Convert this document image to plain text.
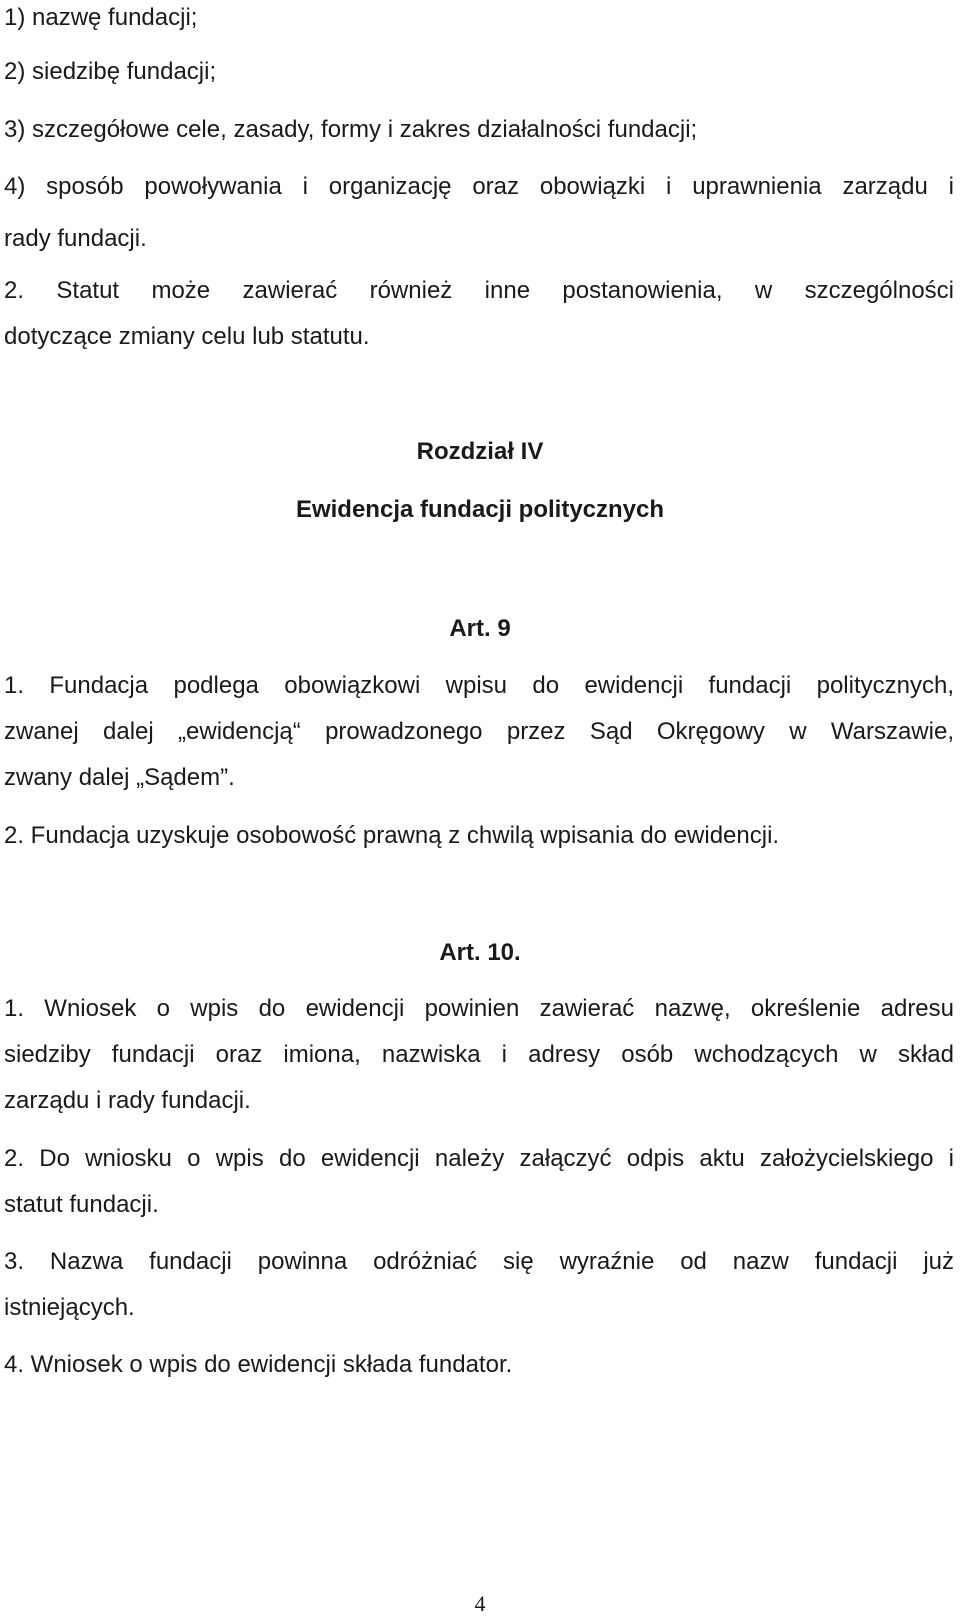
1) nazwę fundacji;
2) siedzibę fundacji;
3) szczegółowe cele, zasady, formy i zakres działalności fundacji;
4) sposób powoływania i organizację oraz obowiązki i uprawnienia zarządu i
rady fundacji.
2. Statut może zawierać również inne postanowienia, w szczególności
dotyczące zmiany celu lub statutu.
Rozdział IV
Ewidencja fundacji politycznych
Art. 9
1. Fundacja podlega obowiązkowi wpisu do ewidencji fundacji politycznych,
zwanej dalej „ewidencją“ prowadzonego przez Sąd Okręgowy w Warszawie,
zwany dalej „Sądem”.
2. Fundacja uzyskuje osobowość prawną z chwilą wpisania do ewidencji.
Art. 10.
1. Wniosek o wpis do ewidencji powinien zawierać nazwę, określenie adresu
siedziby fundacji oraz imiona, nazwiska i adresy osób wchodzących w skład
zarządu i rady fundacji.
2. Do wniosku o wpis do ewidencji należy załączyć odpis aktu założycielskiego i
statut fundacji.
3. Nazwa fundacji powinna odróżniać się wyraźnie od nazw fundacji już
istniejących.
4. Wniosek o wpis do ewidencji składa fundator.
4
